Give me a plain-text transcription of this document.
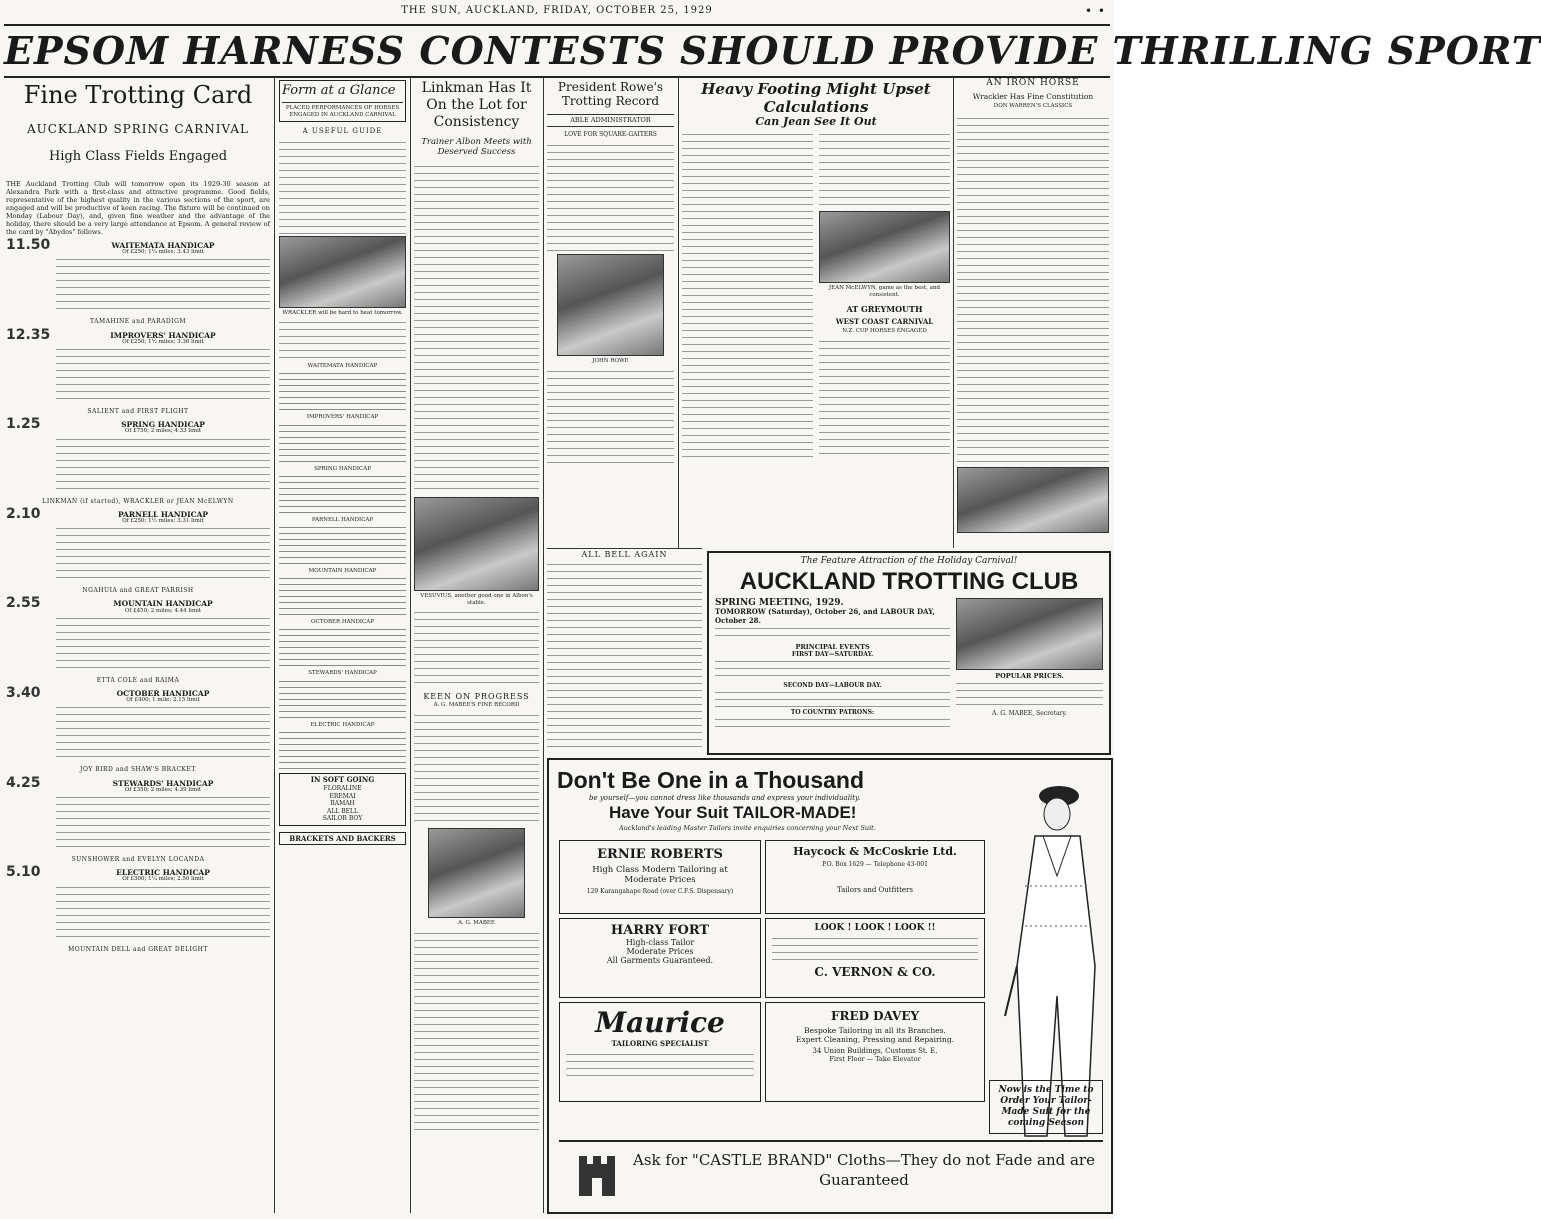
THE SUN, AUCKLAND, FRIDAY, OCTOBER 25, 1929	• •
EPSOM HARNESS CONTESTS SHOULD PROVIDE THRILLING SPORT
Fine Trotting Card
AUCKLAND SPRING CARNIVAL
High Class Fields Engaged
THE Auckland Trotting Club will tomorrow open its 1929-30 season at Alexandra Park with a first-class and attractive programme. Good fields, representative of the highest quality in the various sections of the sport, are engaged and will be productive of keen racing. The fixture will be continued on Monday (Labour Day), and, given fine weather and the advantage of the holiday, there should be a very large attendance at Epsom. A general review of the card by "Abydos" follows.
11.50	WAITEMATA HANDICAP
Of £250; 1¼ miles; 3.43 limit
TAMAHINE and PARADIGM
12.35	IMPROVERS' HANDICAP
Of £250; 1½ miles; 3.36 limit
SALIENT and FIRST FLIGHT
1.25	SPRING HANDICAP
Of £750; 2 miles; 4.33 limit
LINKMAN (if started), WRACKLER or JEAN McELWYN
2.10	PARNELL HANDICAP
Of £250; 1½ miles; 3.31 limit
NGAHUIA and GREAT PARRISH
2.55	MOUNTAIN HANDICAP
Of £450; 2 miles; 4.44 limit
ETTA COLE and RAIMA
3.40	OCTOBER HANDICAP
Of £400; 1 mile; 2.15 limit
JOY BIRD and SHAW'S BRACKET
4.25	STEWARDS' HANDICAP
Of £350; 2 miles; 4.39 limit
SUNSHOWER and EVELYN LOCANDA
5.10	ELECTRIC HANDICAP
Of £300; 1¼ miles; 2.50 limit
MOUNTAIN DELL and GREAT DELIGHT
Form at a Glance
PLACED PERFORMANCES OF HORSES ENGAGED IN AUCKLAND CARNIVAL
A USEFUL GUIDE
WRACKLER will be hard to beat tomorrow.
WAITEMATA HANDICAP
IMPROVERS' HANDICAP
SPRING HANDICAP
PARNELL HANDICAP
MOUNTAIN HANDICAP
OCTOBER HANDICAP
STEWARDS' HANDICAP
ELECTRIC HANDICAP
IN SOFT GOING
FLORALINE
EREMAI
RAMAH
ALL BELL
SAILOR BOY
BRACKETS AND BACKERS
Linkman Has It On the Lot for Consistency
Trainer Albon Meets with Deserved Success
VESUVIUS, another good one in Albon's stable.
KEEN ON PROGRESS
A. G. MABEE'S FINE RECORD
A. G. MABEE
President Rowe's Trotting Record
ABLE ADMINISTRATOR
LOVE FOR SQUARE-GAITERS
JOHN ROWE
Heavy Footing Might Upset Calculations
Can Jean See It Out
JEAN McELWYN, game as the best, and consistent.
AT GREYMOUTH
WEST COAST CARNIVAL
N.Z. CUP HORSES ENGAGED
AN IRON HORSE
Wrackler Has Fine Constitution
DON WARREN'S CLASSICS
The Feature Attraction of the Holiday Carnival!
AUCKLAND TROTTING CLUB
SPRING MEETING, 1929.
TOMORROW (Saturday), October 26, and LABOUR DAY, October 28.
PRINCIPAL EVENTS
FIRST DAY—SATURDAY.
SECOND DAY—LABOUR DAY.
TO COUNTRY PATRONS:
POPULAR PRICES.
A. G. MABEE, Secretary.
Don't Be One in a Thousand
be yourself—you cannot dress like thousands and express your individuality.
Have Your Suit TAILOR-MADE!
Auckland's leading Master Tailors invite enquiries concerning your Next Suit.
ERNIE ROBERTS
High Class Modern Tailoring at
Moderate Prices
129 Karangahape Road (over C.F.S. Dispensary)
Haycock & McCoskrie Ltd.
P.O. Box 1629 — Telephone 43-001
Tailors and Outfitters
HARRY FORT
High-class Tailor
Moderate Prices
All Garments Guaranteed.
LOOK ! LOOK ! LOOK !!
C. VERNON & CO.
Maurice
TAILORING SPECIALIST
FRED DAVEY
Bespoke Tailoring in all its Branches.
Expert Cleaning, Pressing and Repairing.
34 Union Buildings, Customs St. E.
First Floor — Take Elevator
Now is the Time to Order Your Tailor-Made Suit for the coming Season
Ask for "CASTLE BRAND" Cloths—They do not Fade and are Guaranteed
ALL BELL AGAIN
